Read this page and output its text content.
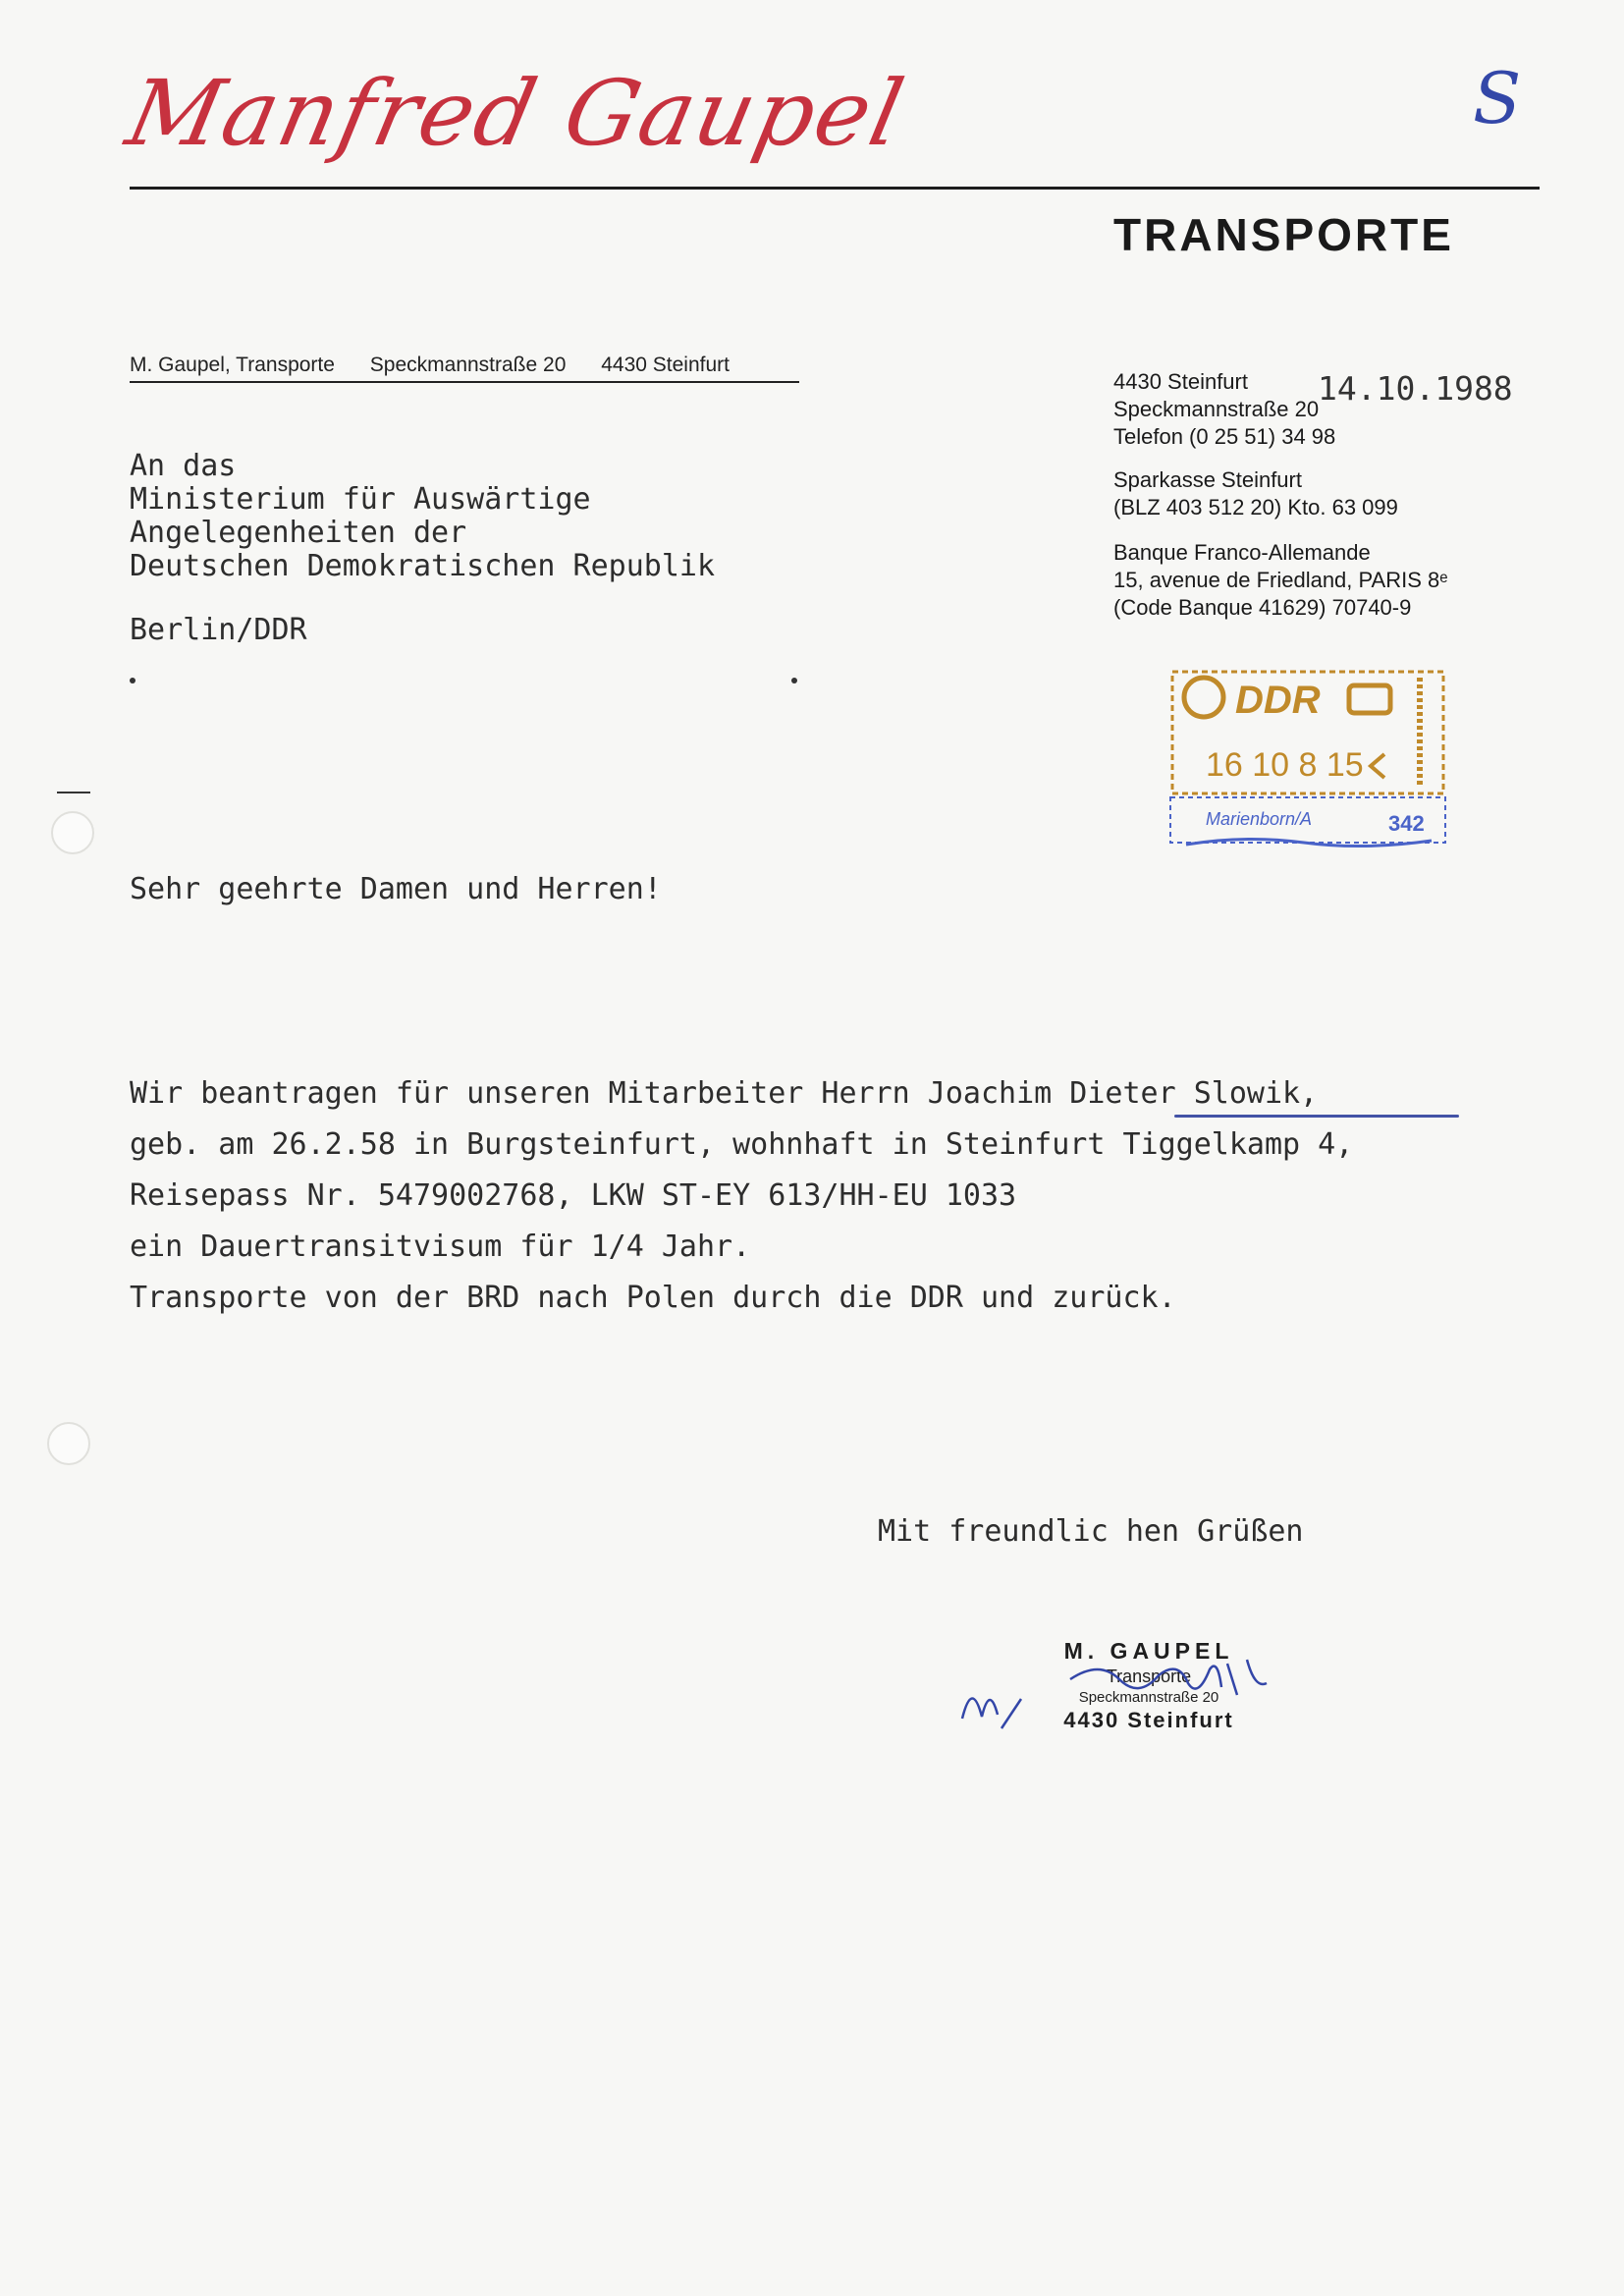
Manfred Gaupel	S
TRANSPORTE
M. Gaupel, Transporte Speckmannstraße 20 4430 Steinfurt
4430 Steinfurt 14.10.1988
Speckmannstraße 20
Telefon (0 25 51) 34 98
Sparkasse Steinfurt
(BLZ 403 512 20) Kto. 63 099
Banque Franco-Allemande
15, avenue de Friedland, PARIS 8ᵉ
(Code Banque 41629) 70740-9
DDR
16 10 8 15
Marienborn/A	342
An das
Ministerium für Auswärtige
Angelegenheiten der
Deutschen Demokratischen Republik
Berlin/DDR
Sehr geehrte Damen und Herren!
Wir beantragen für unseren Mitarbeiter Herrn Joachim Dieter Slowik,
geb. am 26.2.58 in Burgsteinfurt, wohnhaft in Steinfurt Tiggelkamp 4,
Reisepass Nr. 5479002768, LKW ST-EY 613/HH-EU 1033
ein Dauertransitvisum für 1/4 Jahr.
Transporte von der BRD nach Polen durch die DDR und zurück.
Mit freundlic hen Grüßen
M. GAUPEL
Transporte
Speckmannstraße 20
4430 Steinfurt
